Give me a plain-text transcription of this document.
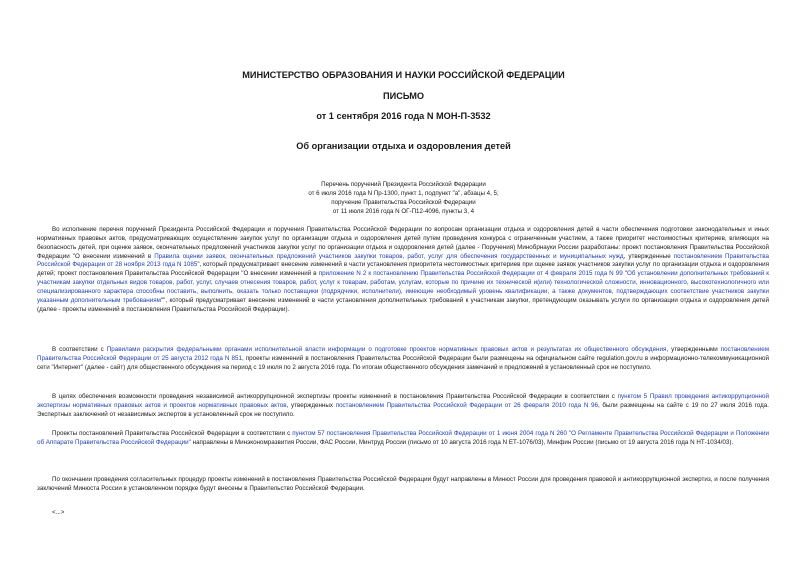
МИНИСТЕРСТВО ОБРАЗОВАНИЯ И НАУКИ РОССИЙСКОЙ ФЕДЕРАЦИИ
ПИСЬМО
от 1 сентября 2016 года N МОН-П-3532
Об организации отдыха и оздоровления детей
Перечень поручений Президента Российской Федерации
от 6 июля 2016 года N Пр-1300, пункт 1, подпункт "а", абзацы 4, 5;
поручение Правительства Российской Федерации
от 11 июля 2016 года N ОГ-П12-4096, пункты 3, 4

Во исполнение перечня поручений Президента Российской Федерации и поручения Правительства Российской Федерации по вопросам организации отдыха и оздоровления детей в части обеспечения подготовки законодательных и иных нормативных правовых актов, предусматривающих осуществление закупок услуг по организации отдыха и оздоровления детей путем проведения конкурса с ограниченным участием, а также приоритет нестоимостных критериев, влияющих на безопасность детей, при оценке заявок, окончательных предложений участников закупки услуг по организации отдыха и оздоровления детей (далее - Поручения) Минобрнауки России разработаны: проект постановления Правительства Российской Федерации "О внесении изменений в Правила оценки заявок, окончательных предложений участников закупки товаров, работ, услуг для обеспечения государственных и муниципальных нужд, утвержденные постановлением Правительства Российской Федерации от 28 ноября 2013 года N 1085", который предусматривает внесение изменений в части установления приоритета нестоимостных критериев при оценке заявок участников закупки услуг по организации отдыха и оздоровления детей; проект постановления Правительства Российской Федерации "О внесении изменений в приложение N 2 к постановлению Правительства Российской Федерации от 4 февраля 2015 года N 99 "Об установлении дополнительных требований к участникам закупки отдельных видов товаров, работ, услуг, случаев отнесения товаров, работ, услуг к товарам, работам, услугам, которые по причине их технической и(или) технологической сложности, инновационного, высокотехнологичного или специализированного характера способны поставить, выполнить, оказать только поставщики (подрядчики, исполнители), имеющие необходимый уровень квалификации, а также документов, подтверждающих соответствие участников закупки указанным дополнительным требованиям"", который предусматривает внесение изменений в части установления дополнительных требований к участникам закупки, претендующим оказывать услуги по организации отдыха и оздоровления детей (далее - проекты изменений в постановления Правительства Российской Федерации).

В соответствии с Правилами раскрытия федеральными органами исполнительной власти информации о подготовке проектов нормативных правовых актов и результатах их общественного обсуждения, утвержденными постановлением Правительства Российской Федерации от 25 августа 2012 года N 851, проекты изменений в постановления Правительства Российской Федерации были размещены на официальном сайте regulation.gov.ru в информационно-телекоммуникационной сети "Интернет" (далее - сайт) для общественного обсуждения на период с 19 июля по 2 августа 2016 года. По итогам общественного обсуждения замечаний и предложений в установленный срок не поступило.

В целях обеспечения возможности проведения независимой антикоррупционной экспертизы проекты изменений в постановления Правительства Российской Федерации в соответствии с пунктом 5 Правил проведения антикоррупционной экспертизы нормативных правовых актов и проектов нормативных правовых актов, утвержденных постановлением Правительства Российской Федерации от 26 февраля 2010 года N 96, были размещены на сайте с 19 по 27 июля 2016 года. Экспертных заключений от независимых экспертов в установленный срок не поступило.

Проекты постановлений Правительства Российской Федерации в соответствии с пунктом 57 постановления Правительства Российской Федерации от 1 июня 2004 года N 260 "О Регламенте Правительства Российской Федерации и Положении об Аппарате Правительства Российской Федерации" направлены в Минэкономразвития России, ФАС России, Минтруд России (письмо от 10 августа 2016 года N ЕТ-1076/03), Минфин России (письмо от 19 августа 2016 года N НТ-1034/03).

По окончании проведения согласительных процедур проекты изменений в постановления Правительства Российской Федерации будут направлены в Минюст России для проведения правовой и антикоррупционной экспертиз, и после получения заключений Минюста России в установленном порядке будут внесены в Правительство Российской Федерации.

<...>
